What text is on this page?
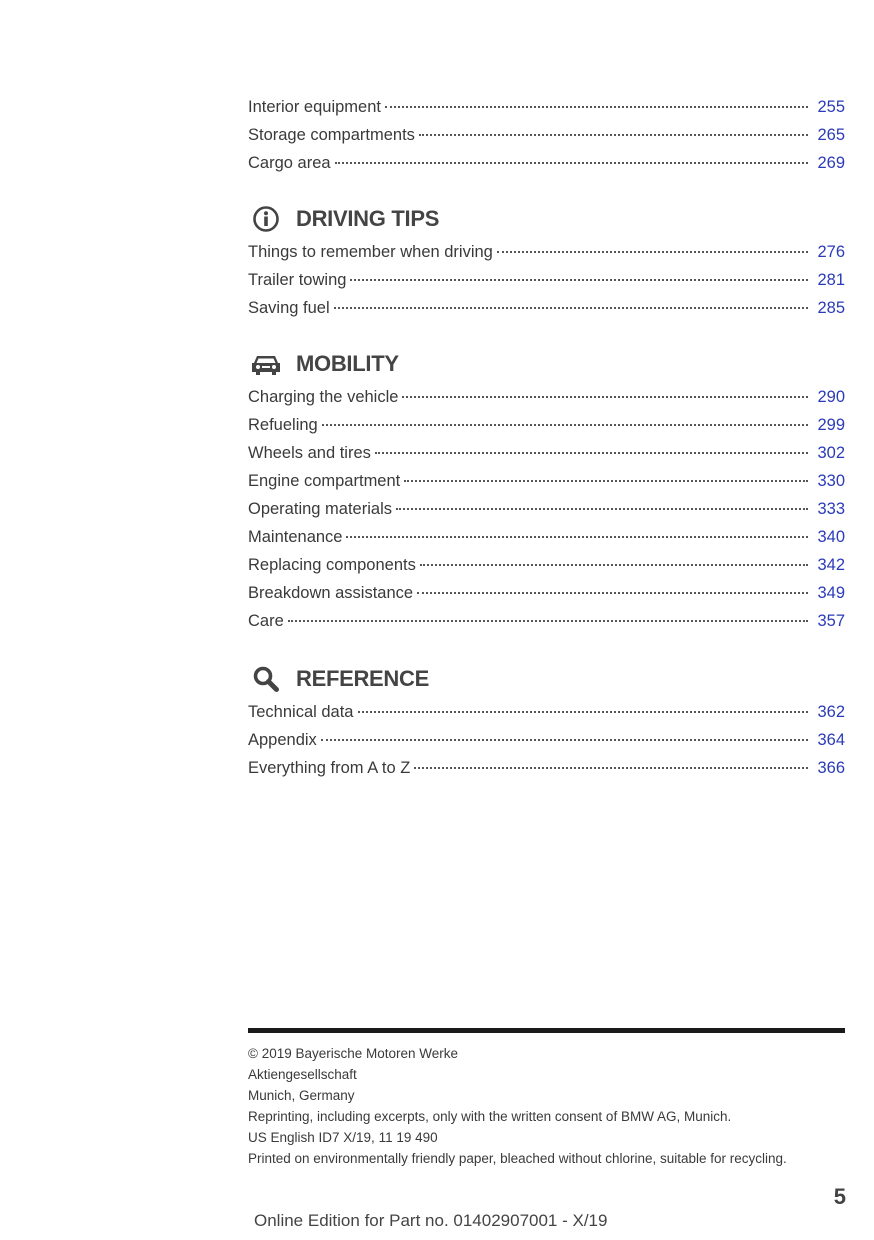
Interior equipment	255
Storage compartments	265
Cargo area	269
DRIVING TIPS
Things to remember when driving	276
Trailer towing	281
Saving fuel	285
MOBILITY
Charging the vehicle	290
Refueling	299
Wheels and tires	302
Engine compartment	330
Operating materials	333
Maintenance	340
Replacing components	342
Breakdown assistance	349
Care	357
REFERENCE
Technical data	362
Appendix	364
Everything from A to Z	366
© 2019 Bayerische Motoren Werke
Aktiengesellschaft
Munich, Germany
Reprinting, including excerpts, only with the written consent of BMW AG, Munich.
US English ID7 X/19, 11 19 490
Printed on environmentally friendly paper, bleached without chlorine, suitable for recycling.
5
Online Edition for Part no. 01402907001 - X/19
